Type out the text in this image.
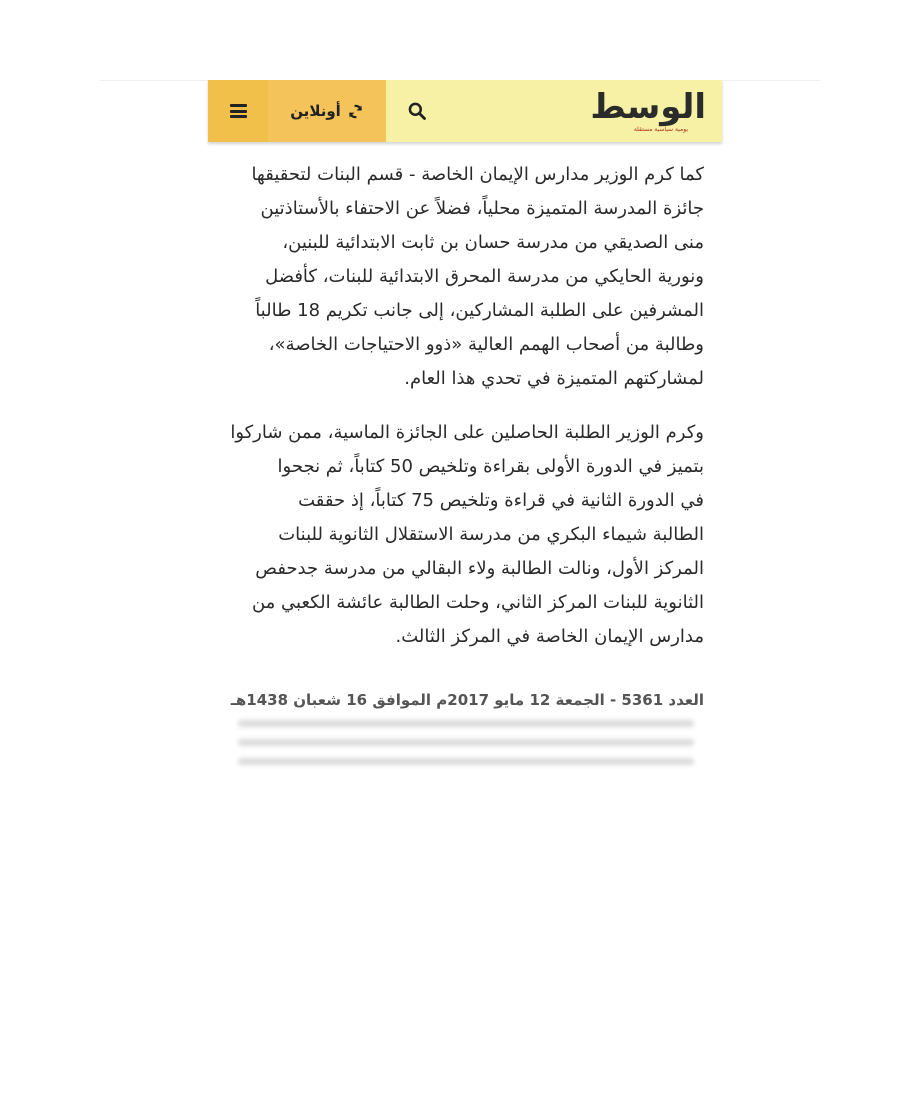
أونلاين	الوسط
يومية سياسية مستقلة
كما كرم الوزير مدارس الإيمان الخاصة - قسم البنات لتحقيقها
جائزة المدرسة المتميزة محلياً، فضلاً عن الاحتفاء بالأستاذتين
منى الصديقي من مدرسة حسان بن ثابت الابتدائية للبنين،
ونورية الحايكي من مدرسة المحرق الابتدائية للبنات، كأفضل
المشرفين على الطلبة المشاركين، إلى جانب تكريم 18 طالباً
وطالبة من أصحاب الهمم العالية «ذوو الاحتياجات الخاصة»،
لمشاركتهم المتميزة في تحدي هذا العام.
وكرم الوزير الطلبة الحاصلين على الجائزة الماسية، ممن شاركوا
بتميز في الدورة الأولى بقراءة وتلخيص 50 كتاباً، ثم نجحوا
في الدورة الثانية في قراءة وتلخيص 75 كتاباً، إذ حققت
الطالبة شيماء البكري من مدرسة الاستقلال الثانوية للبنات
المركز الأول، ونالت الطالبة ولاء البقالي من مدرسة جدحفص
الثانوية للبنات المركز الثاني، وحلت الطالبة عائشة الكعبي من
مدارس الإيمان الخاصة في المركز الثالث.
العدد 5361 - الجمعة 12 مايو 2017م الموافق 16 شعبان 1438هـ
